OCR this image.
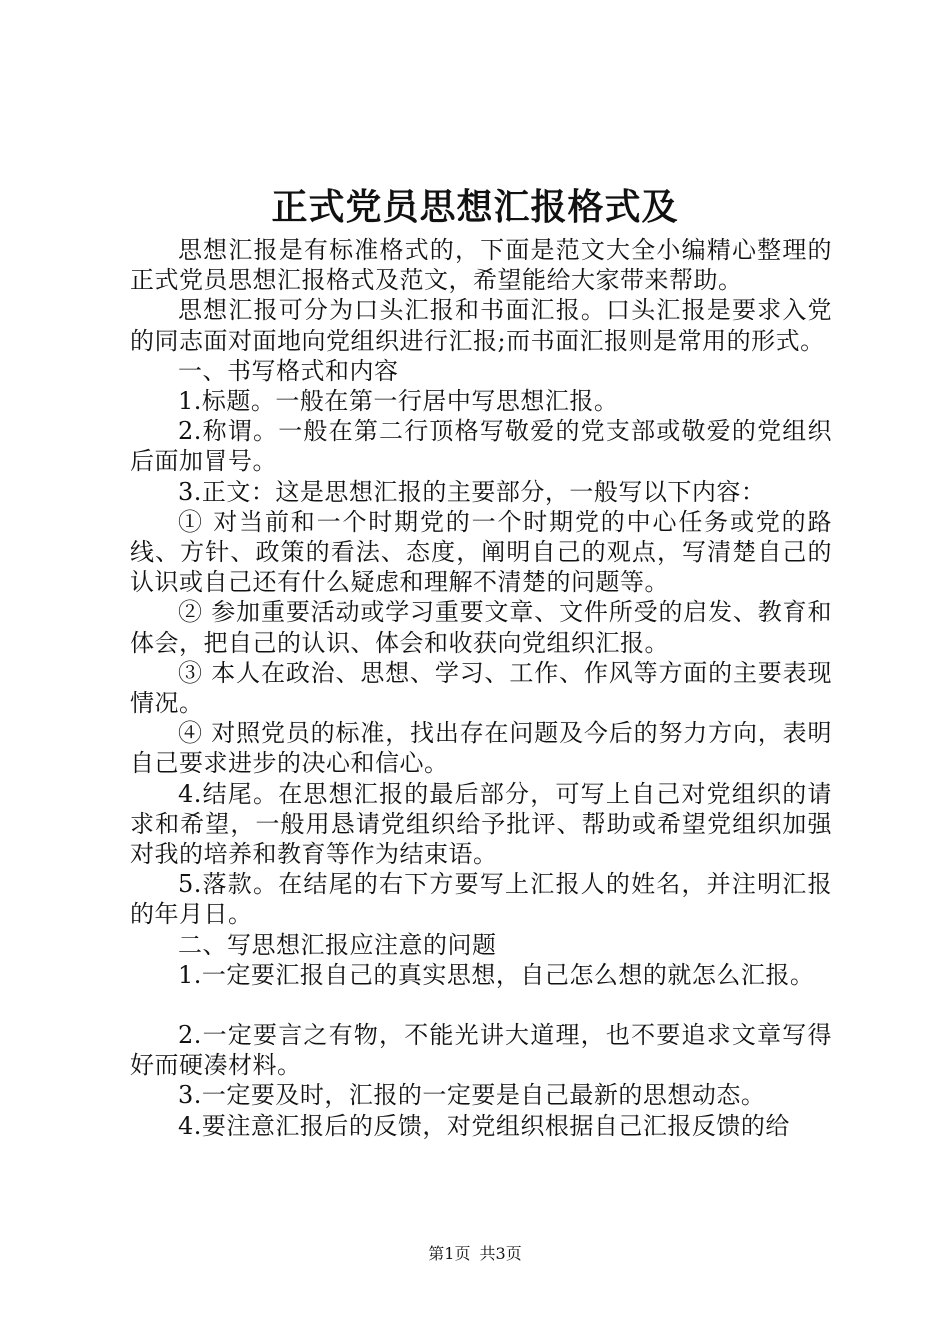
正式党员思想汇报格式及

思想汇报是有标准格式的，下面是范文大全小编精心整理的正式党员思想汇报格式及范文，希望能给大家带来帮助。

思想汇报可分为口头汇报和书面汇报。口头汇报是要求入党的同志面对面地向党组织进行汇报;而书面汇报则是常用的形式。

一、书写格式和内容

1.标题。一般在第一行居中写思想汇报。

2.称谓。一般在第二行顶格写敬爱的党支部或敬爱的党组织后面加冒号。

3.正文：这是思想汇报的主要部分，一般写以下内容：

① 对当前和一个时期党的一个时期党的中心任务或党的路线、方针、政策的看法、态度，阐明自己的观点，写清楚自己的认识或自己还有什么疑虑和理解不清楚的问题等。

② 参加重要活动或学习重要文章、文件所受的启发、教育和体会，把自己的认识、体会和收获向党组织汇报。

③ 本人在政治、思想、学习、工作、作风等方面的主要表现情况。

④ 对照党员的标准，找出存在问题及今后的努力方向，表明自己要求进步的决心和信心。

4.结尾。在思想汇报的最后部分，可写上自己对党组织的请求和希望，一般用恳请党组织给予批评、帮助或希望党组织加强对我的培养和教育等作为结束语。

5.落款。在结尾的右下方要写上汇报人的姓名，并注明汇报的年月日。

二、写思想汇报应注意的问题

1.一定要汇报自己的真实思想，自己怎么想的就怎么汇报。

2.一定要言之有物，不能光讲大道理，也不要追求文章写得好而硬凑材料。

3.一定要及时，汇报的一定要是自己最新的思想动态。

4.要注意汇报后的反馈，对党组织根据自己汇报反馈的给

第1页 共3页
